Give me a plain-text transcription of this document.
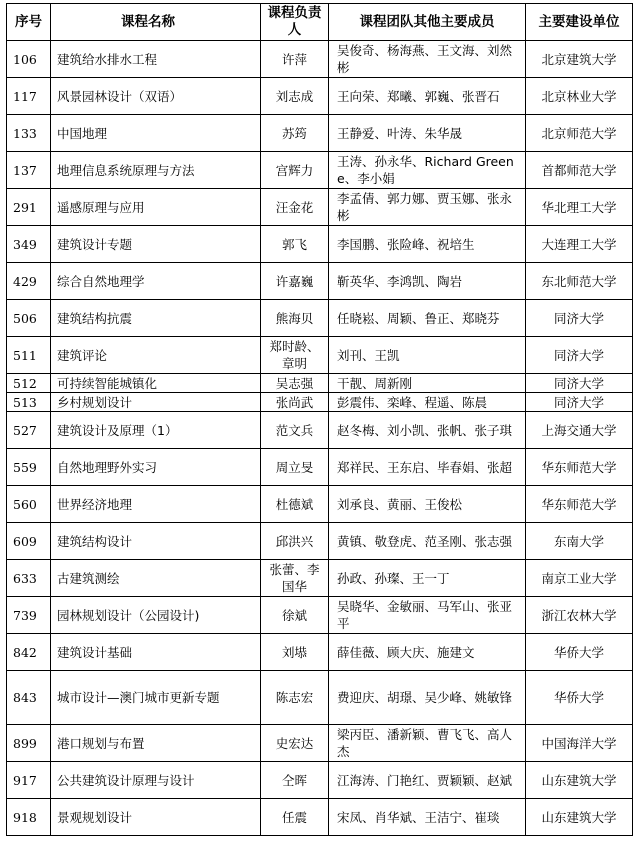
序号	课程名称	课程负责人	课程团队其他主要成员	主要建设单位
106	建筑给水排水工程	许萍	吴俊奇、杨海燕、王文海、刘然彬	北京建筑大学
117	风景园林设计（双语）	刘志成	王向荣、郑曦、郭巍、张晋石	北京林业大学
133	中国地理	苏筠	王静爱、叶涛、朱华晟	北京师范大学
137	地理信息系统原理与方法	宫辉力	王涛、孙永华、Richard Greene、李小娟	首都师范大学
291	遥感原理与应用	汪金花	李孟倩、郭力娜、贾玉娜、张永彬	华北理工大学
349	建筑设计专题	郭飞	李国鹏、张险峰、祝培生	大连理工大学
429	综合自然地理学	许嘉巍	靳英华、李鸿凯、陶岩	东北师范大学
506	建筑结构抗震	熊海贝	任晓崧、周颖、鲁正、郑晓芬	同济大学
511	建筑评论	郑时龄、章明	刘刊、王凯	同济大学
512	可持续智能城镇化	吴志强	干靓、周新刚	同济大学
513	乡村规划设计	张尚武	彭震伟、栾峰、程遥、陈晨	同济大学
527	建筑设计及原理（1）	范文兵	赵冬梅、刘小凯、张帆、张子琪	上海交通大学
559	自然地理野外实习	周立旻	郑祥民、王东启、毕春娟、张超	华东师范大学
560	世界经济地理	杜德斌	刘承良、黄丽、王俊松	华东师范大学
609	建筑结构设计	邱洪兴	黄镇、敬登虎、范圣刚、张志强	东南大学
633	古建筑测绘	张蕾、李国华	孙政、孙璨、王一丁	南京工业大学
739	园林规划设计（公园设计)	徐斌	吴晓华、金敏丽、马军山、张亚平	浙江农林大学
842	建筑设计基础	刘塨	薛佳薇、顾大庆、施建文	华侨大学
843	城市设计—澳门城市更新专题	陈志宏	费迎庆、胡璟、吴少峰、姚敏锋	华侨大学
899	港口规划与布置	史宏达	梁丙臣、潘新颖、曹飞飞、高人杰	中国海洋大学
917	公共建筑设计原理与设计	仝晖	江海涛、门艳红、贾颖颖、赵斌	山东建筑大学
918	景观规划设计	任震	宋凤、肖华斌、王洁宁、崔琰	山东建筑大学
